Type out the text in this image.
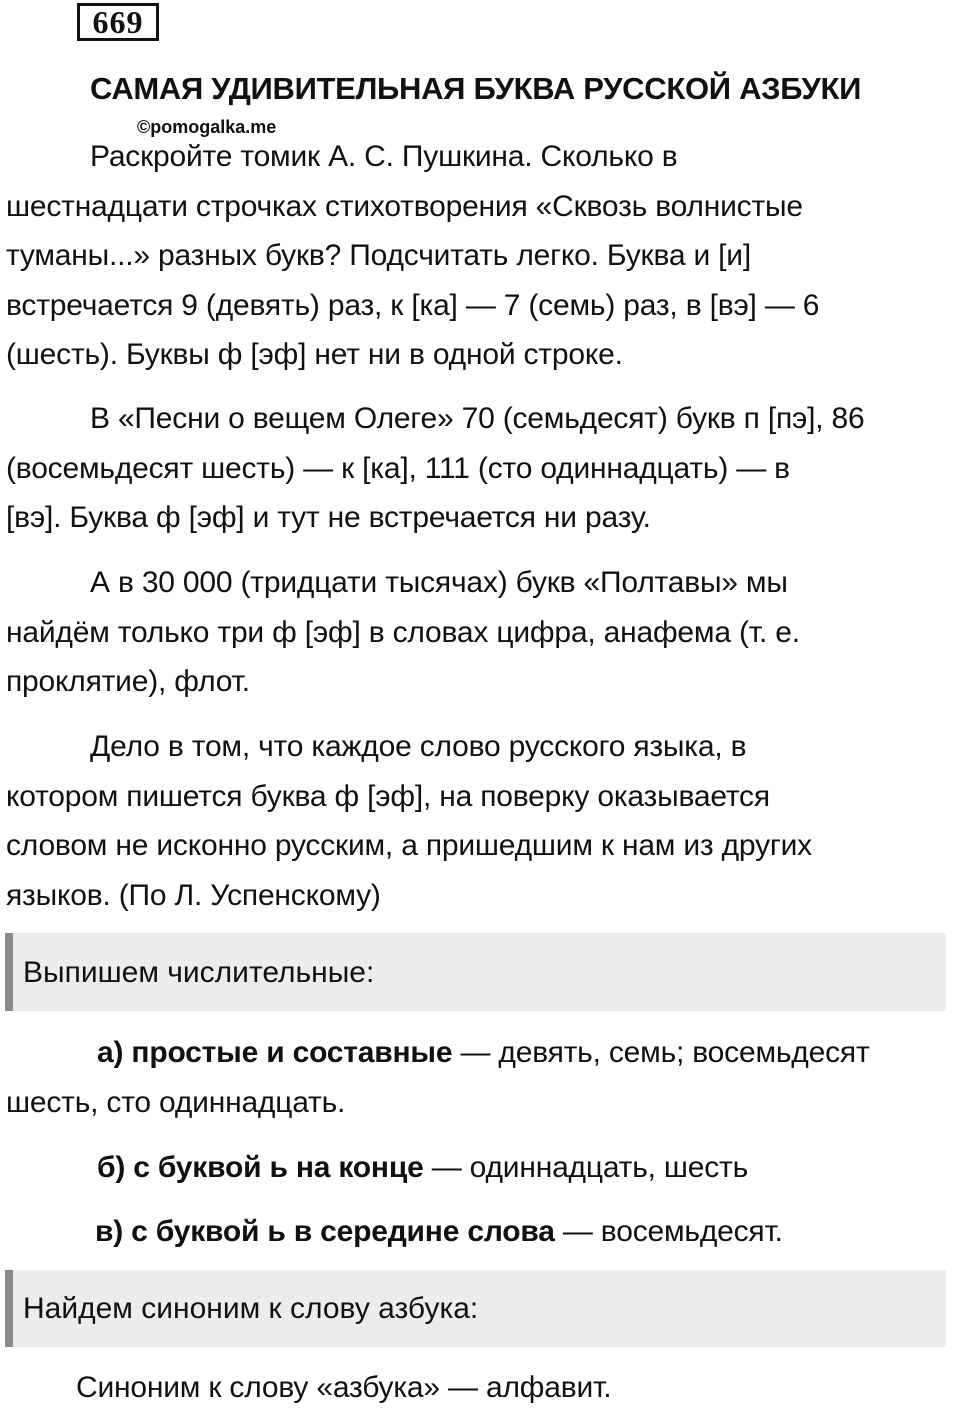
669
САМАЯ УДИВИТЕЛЬНАЯ БУКВА РУССКОЙ АЗБУКИ
©pomogalka.me
Раскройте томик А. С. Пушкина. Сколько в
шестнадцати строчках стихотворения «Сквозь волнистые
туманы...» разных букв? Подсчитать легко. Буква и [и]
встречается 9 (девять) раз, к [ка] — 7 (семь) раз, в [вэ] — 6
(шесть). Буквы ф [эф] нет ни в одной строке.
В «Песни о вещем Олеге» 70 (семьдесят) букв п [пэ], 86
(восемьдесят шесть) — к [ка], 111 (сто одиннадцать) — в
[вэ]. Буква ф [эф] и тут не встречается ни разу.
А в 30 000 (тридцати тысячах) букв «Полтавы» мы
найдём только три ф [эф] в словах цифра, анафема (т. е.
проклятие), флот.
Дело в том, что каждое слово русского языка, в
котором пишется буква ф [эф], на поверку оказывается
словом не исконно русским, а пришедшим к нам из других
языков. (По Л. Успенскому)
Выпишем числительные:
а) простые и составные — девять, семь; восемьдесят
шесть, сто одиннадцать.
б) с буквой ь на конце — одиннадцать, шесть
в) с буквой ь в середине слова — восемьдесят.
Найдем синоним к слову азбука:
Синоним к слову «азбука» — алфавит.
